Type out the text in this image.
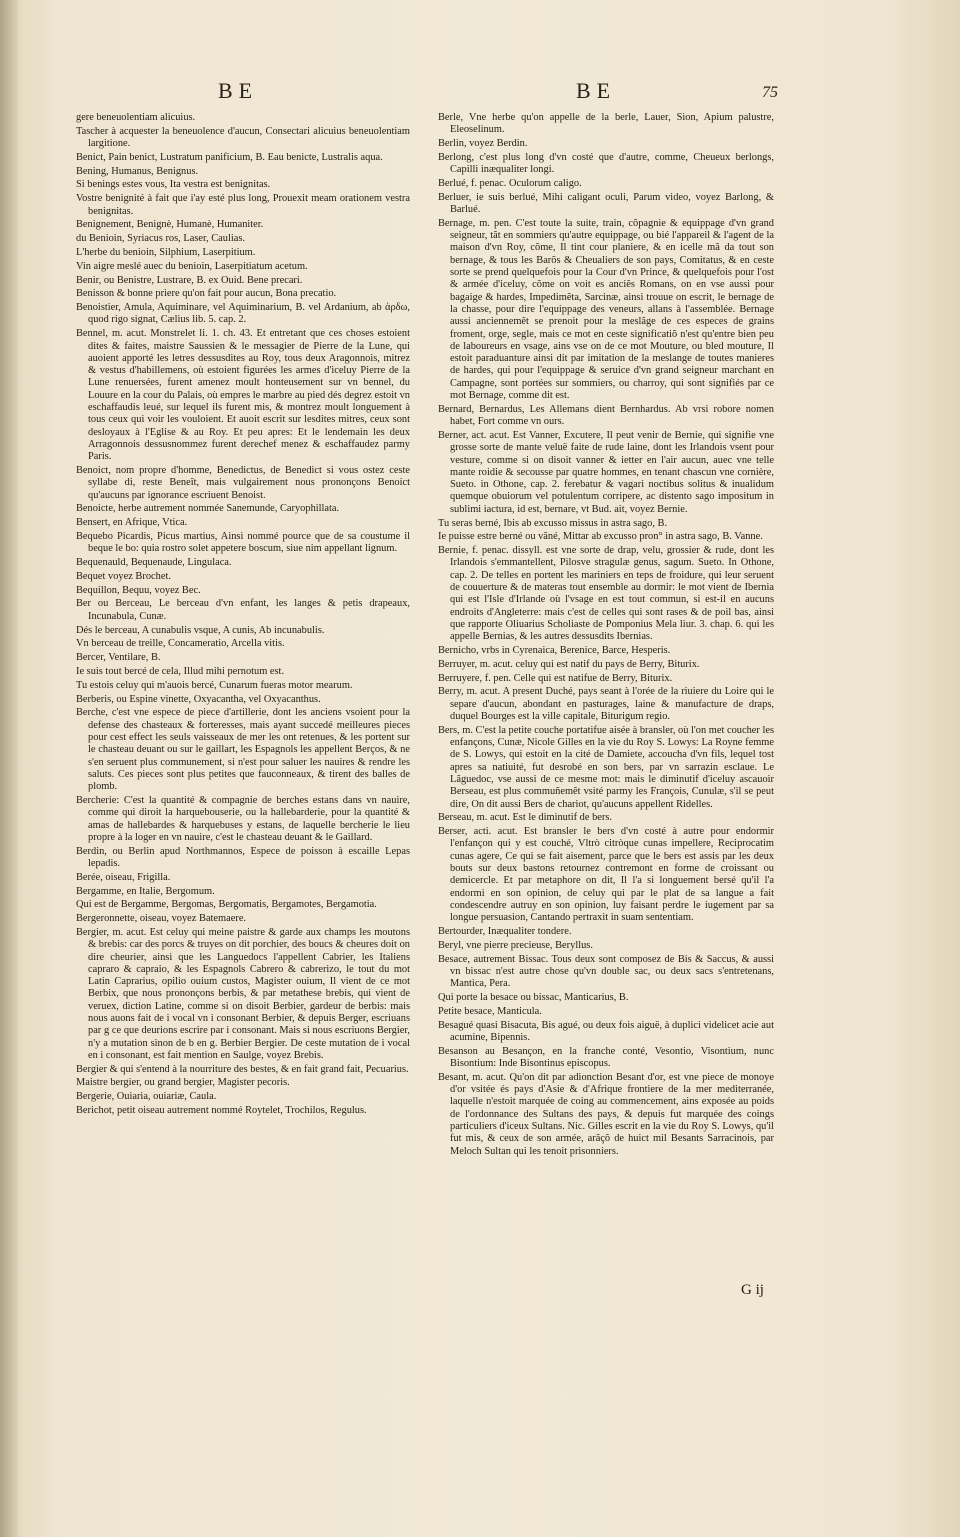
BE	BE	75
gere beneuolentiam alicuius.
Tascher à acquester la beneuolence d'aucun, Consectari alicuius beneuolentiam largitione.
Benict, Pain benict, Lustratum panificium, B. Eau benicte, Lustralis aqua.
Bening, Humanus, Benignus.
Si benings estes vous, Ita vestra est benignitas.
Vostre benignité à fait que i'ay esté plus long, Prouexit meam orationem vestra benignitas.
Benignement, Benignè, Humanè, Humaniter.
du Benioin, Syriacus ros, Laser, Caulias.
L'herbe du benioin, Silphium, Laserpitium.
Vin aigre meslé auec du benioin, Laserpitiatum acetum.
Benir, ou Benistre, Lustrare, B. ex Ouid. Bene precari.
Benisson & bonne priere qu'on fait pour aucun, Bona precatio.
Benoistier, Amula, Aquiminare, vel Aquiminarium, B. vel Ardanium, ab ἀρδω, quod rigo signat, Cælius lib. 5. cap. 2.
Bennel, m. acut. Monstrelet li. 1. ch. 43. Et entretant que ces choses estoient dites & faites, maistre Saussien & le messagier de Pierre de la Lune, qui auoient apporté les letres dessusdites au Roy, tous deux Aragonnois, mitrez & vestus d'habillemens, où estoient figurées les armes d'iceluy Pierre de la Lune renuersées, furent amenez moult honteusement sur vn bennel, du Louure en la cour du Palais, où empres le marbre au pied dés degrez estoit vn eschaffaudis leué, sur lequel ils furent mis, & montrez moult longuement à tous ceux qui voir les vouloient. Et auoit escrit sur lesdites mitres, ceux sont desloyaux à l'Eglise & au Roy. Et peu apres: Et le lendemain les deux Arragonnois dessusnommez furent derechef menez & eschaffaudez parmy Paris.
Benoict, nom propre d'homme, Benedictus, de Benedict si vous ostez ceste syllabe di, reste Beneît, mais vulgairement nous prononçons Benoict qu'aucuns par ignorance escriuent Benoist.
Benoicte, herbe autrement nommée Sanemunde, Caryophillata.
Bensert, en Afrique, Vtica.
Bequebo Picardis, Picus martius, Ainsi nommé pource que de sa coustume il beque le bo: quia rostro solet appetere boscum, siue nim appellant lignum.
Bequenauld, Bequenaude, Lingulaca.
Bequet voyez Brochet.
Bequillon, Bequu, voyez Bec.
Ber ou Berceau, Le berceau d'vn enfant, les langes & petis drapeaux, Incunabula, Cunæ.
Dés le berceau, A cunabulis vsque, A cunis, Ab incunabulis.
Vn berceau de treille, Concameratio, Arcella vitis.
Bercer, Ventilare, B.
Ie suis tout bercé de cela, Illud mihi pernotum est.
Tu estois celuy qui m'auois bercé, Cunarum fueras motor mearum.
Berberis, ou Espine vinette, Oxyacantha, vel Oxyacanthus.
Berche, c'est vne espece de piece d'artillerie, dont les anciens vsoient pour la defense des chasteaux & forteresses, mais ayant succedé meilleures pieces pour cest effect les seuls vaisseaux de mer les ont retenues, & les portent sur le chasteau deuant ou sur le gaillart, les Espagnols les appellent Berços, & ne s'en seruent plus communement, si n'est pour saluer les nauires & rendre les saluts. Ces pieces sont plus petites que fauconneaux, & tirent des balles de plomb.
Bercherie: C'est la quantité & compagnie de berches estans dans vn nauire, comme qui diroit la harquebouserie, ou la hallebarderie, pour la quantité & amas de hallebardes & harquebuses y estans, de laquelle bercherie le lieu propre à la loger en vn nauire, c'est le chasteau deuant & le Gaillard.
Berdin, ou Berlin apud Northmannos, Espece de poisson à escaille Lepas lepadis.
Berée, oiseau, Frigilla.
Bergamme, en Italie, Bergomum.
Qui est de Bergamme, Bergomas, Bergomatis, Bergamotes, Bergamotia.
Bergeronnette, oiseau, voyez Batemaere.
Bergier, m. acut. Est celuy qui meine paistre & garde aux champs les moutons & brebis: car des porcs & truyes on dit porchier, des boucs & cheures doit on dire cheurier, ainsi que les Languedocs l'appellent Cabrier, les Italiens capraro & capraio, & les Espagnols Cabrero & cabrerizo, le tout du mot Latin Caprarius, opilio ouium custos, Magister ouium, Il vient de ce mot Berbix, que nous prononçons berbis, & par metathese brebis, qui vient de veruex, diction Latine, comme si on disoit Berbier, gardeur de berbis: mais nous auons fait de i vocal vn i consonant Berbier, & depuis Berger, escriuans par g ce que deurions escrire par i consonant. Mais si nous escriuons Bergier, n'y a mutation sinon de b en g. Berbier Bergier. De ceste mutation de i vocal en i consonant, est fait mention en Saulge, voyez Brebis.
Bergier & qui s'entend à la nourriture des bestes, & en fait grand fait, Pecuarius.
Maistre bergier, ou grand bergier, Magister pecoris.
Bergerie, Ouiaria, ouiariæ, Caula.
Berichot, petit oiseau autrement nommé Roytelet, Trochilos, Regulus.
Berle, Vne herbe qu'on appelle de la berle, Lauer, Sion, Apium palustre, Eleoselinum.
Berlin, voyez Berdin.
Berlong, c'est plus long d'vn costé que d'autre, comme, Cheueux berlongs, Capilli inæqualiter longi.
Berlué, f. penac. Oculorum caligo.
Berluer, ie suis berlué, Mihi caligant oculi, Parum video, voyez Barlong, & Barlué.
Bernage, m. pen. C'est toute la suite, train, cõpagnie & equippage d'vn grand seigneur, tãt en sommiers qu'autre equippage, ou bié l'appareil & l'agent de la maison d'vn Roy, cõme, Il tint cour planiere, & en icelle mã da tout son bernage, & tous les Barõs & Cheualiers de son pays, Comitatus, & en ceste sorte se prend quelquefois pour la Cour d'vn Prince, & quelquefois pour l'ost & armée d'iceluy, cõme on voit es anciẽs Romans, on en vse aussi pour bagaige & hardes, Impedimẽta, Sarcinæ, ainsi trouue on escrit, le bernage de la chasse, pour dire l'equippage des veneurs, allans à l'assemblée. Bernage aussi anciennemẽt se prenoit pour la meslãge de ces especes de grains froment, orge, segle, mais ce mot en ceste significatiõ n'est qu'entre bien peu de laboureurs en vsage, ains vse on de ce mot Mouture, ou bled mouture, Il estoit paraduanture ainsi dit par imitation de la meslange de toutes manieres de hardes, qui pour l'equippage & seruice d'vn grand seigneur marchant en Campagne, sont portées sur sommiers, ou charroy, qui sont signifiés par ce mot Bernage, comme dit est.
Bernard, Bernardus, Les Allemans dient Bernhardus. Ab vrsi robore nomen habet, Fort comme vn ours.
Berner, act. acut. Est Vanner, Excutere, Il peut venir de Bernie, qui signifie vne grosse sorte de mante veluë faite de rude laine, dont les Irlandois vsent pour vesture, comme si on disoit vanner & ietter en l'air aucun, auec vne telle mante roidie & secousse par quatre hommes, en tenant chascun vne cornière, Sueto. in Othone, cap. 2. ferebatur & vagari noctibus solitus & inualidum quemque obuiorum vel potulentum corripere, ac distento sago impositum in sublimi iactura, id est, bernare, vt Bud. ait, voyez Bernie.
Tu seras berné, Ibis ab excusso missus in astra sago, B.
Ie puisse estre berné ou vãné, Mittar ab excusso pron° in astra sago, B. Vanne.
Bernie, f. penac. dissyll. est vne sorte de drap, velu, grossier & rude, dont les Irlandois s'emmantellent, Pilosve stragulæ genus, sagum. Sueto. In Othone, cap. 2. De telles en portent les mariniers en teps de froidure, qui leur seruent de couuerture & de materas tout ensemble au dormir: le mot vient de Ibernia qui est l'Isle d'Irlande où l'vsage en est tout commun, si est-il en aucuns endroits d'Angleterre: mais c'est de celles qui sont rases & de poil bas, ainsi que rapporte Oliuarius Scholiaste de Pomponius Mela liur. 3. chap. 6. qui les appelle Bernias, & les autres dessusdits Ibernias.
Bernicho, vrbs in Cyrenaica, Berenice, Barce, Hesperis.
Berruyer, m. acut. celuy qui est natif du pays de Berry, Biturix.
Berruyere, f. pen. Celle qui est natifue de Berry, Biturix.
Berry, m. acut. A present Duché, pays seant à l'orée de la riuiere du Loire qui le separe d'aucun, abondant en pasturages, laine & manufacture de draps, duquel Bourges est la ville capitale, Biturigum regio.
Bers, m. C'est la petite couche portatifue aisée à bransler, où l'on met coucher les enfançons, Cunæ, Nicole Gilles en la vie du Roy S. Lowys: La Royne femme de S. Lowys, qui estoit en la cité de Damiete, accoucha d'vn fils, lequel tost apres sa natiuité, fut desrobé en son bers, par vn sarrazin esclaue. Le Lãguedoc, vse aussi de ce mesme mot: mais le diminutif d'iceluy ascauoir Berseau, est plus commuñemẽt vsité parmy les François, Cunulæ, s'il se peut dire, On dit aussi Bers de chariot, qu'aucuns appellent Ridelles.
Berseau, m. acut. Est le diminutif de bers.
Berser, acti. acut. Est bransler le bers d'vn costé à autre pour endormir l'enfançon qui y est couché, Vltrò citròque cunas impellere, Reciprocatim cunas agere, Ce qui se fait aisement, parce que le bers est assis par les deux bouts sur deux bastons retournez contremont en forme de croissant ou demicercle. Et par metaphore on dit, Il l'a si longuement bersé qu'il l'a endormi en son opinion, de celuy qui par le plat de sa langue a fait condescendre autruy en son opinion, luy faisant perdre le iugement par sa longue persuasion, Cantando pertraxit in suam sententiam.
Bertourder, Inæqualiter tondere.
Beryl, vne pierre precieuse, Beryllus.
Besace, autrement Bissac. Tous deux sont composez de Bis & Saccus, & aussi vn bissac n'est autre chose qu'vn double sac, ou deux sacs s'entretenans, Mantica, Pera.
Qui porte la besace ou bissac, Manticarius, B.
Petite besace, Manticula.
Besagué quasi Bisacuta, Bis agué, ou deux fois aiguë, à duplici videlicet acie aut acumine, Bipennis.
Besanson au Besançon, en la franche conté, Vesontio, Visontium, nunc Bisontium: Inde Bisontinus episcopus.
Besant, m. acut. Qu'on dit par adionction Besant d'or, est vne piece de monoye d'or vsitée és pays d'Asie & d'Afrique frontiere de la mer mediterranée, laquelle n'estoit marquée de coing au commencement, ains exposée au poids de l'ordonnance des Sultans des pays, & depuis fut marquée des coings particuliers d'iceux Sultans. Nic. Gilles escrit en la vie du Roy S. Lowys, qu'il fut mis, & ceux de son armée, arãçõ de huict mil Besants Sarracinois, par Meloch Sultan qui les tenoit prisonniers.
G ij
